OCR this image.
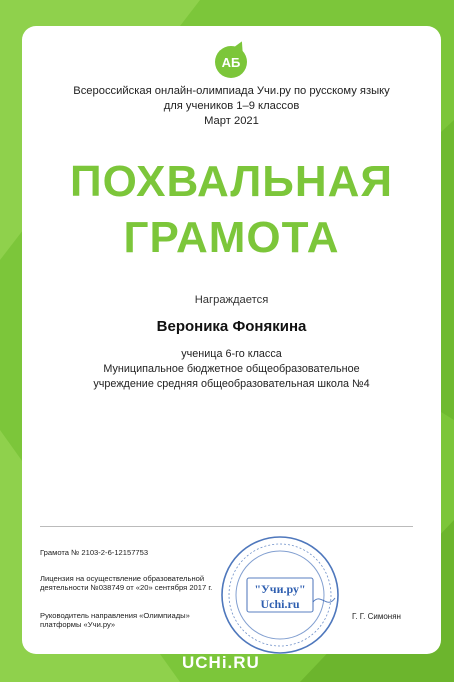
АБ
Всероссийская онлайн-олимпиада Учи.ру по русскому языку
для учеников 1–9 классов
Март 2021
ПОХВАЛЬНАЯ
ГРАМОТА
Награждается
Вероника Фонякина
ученица 6-го класса
Муниципальное бюджетное общеобразовательное
учреждение средняя общеобразовательная школа №4
Грамота № 2103-2-6-12157753
Лицензия на осуществление образовательной
деятельности №038749 от «20» сентября 2017 г.
Руководитель направления «Олимпиады»
платформы «Учи.ру»
"Учи.ру"
Uchi.ru
Г. Г. Симонян
UCHi.RU
